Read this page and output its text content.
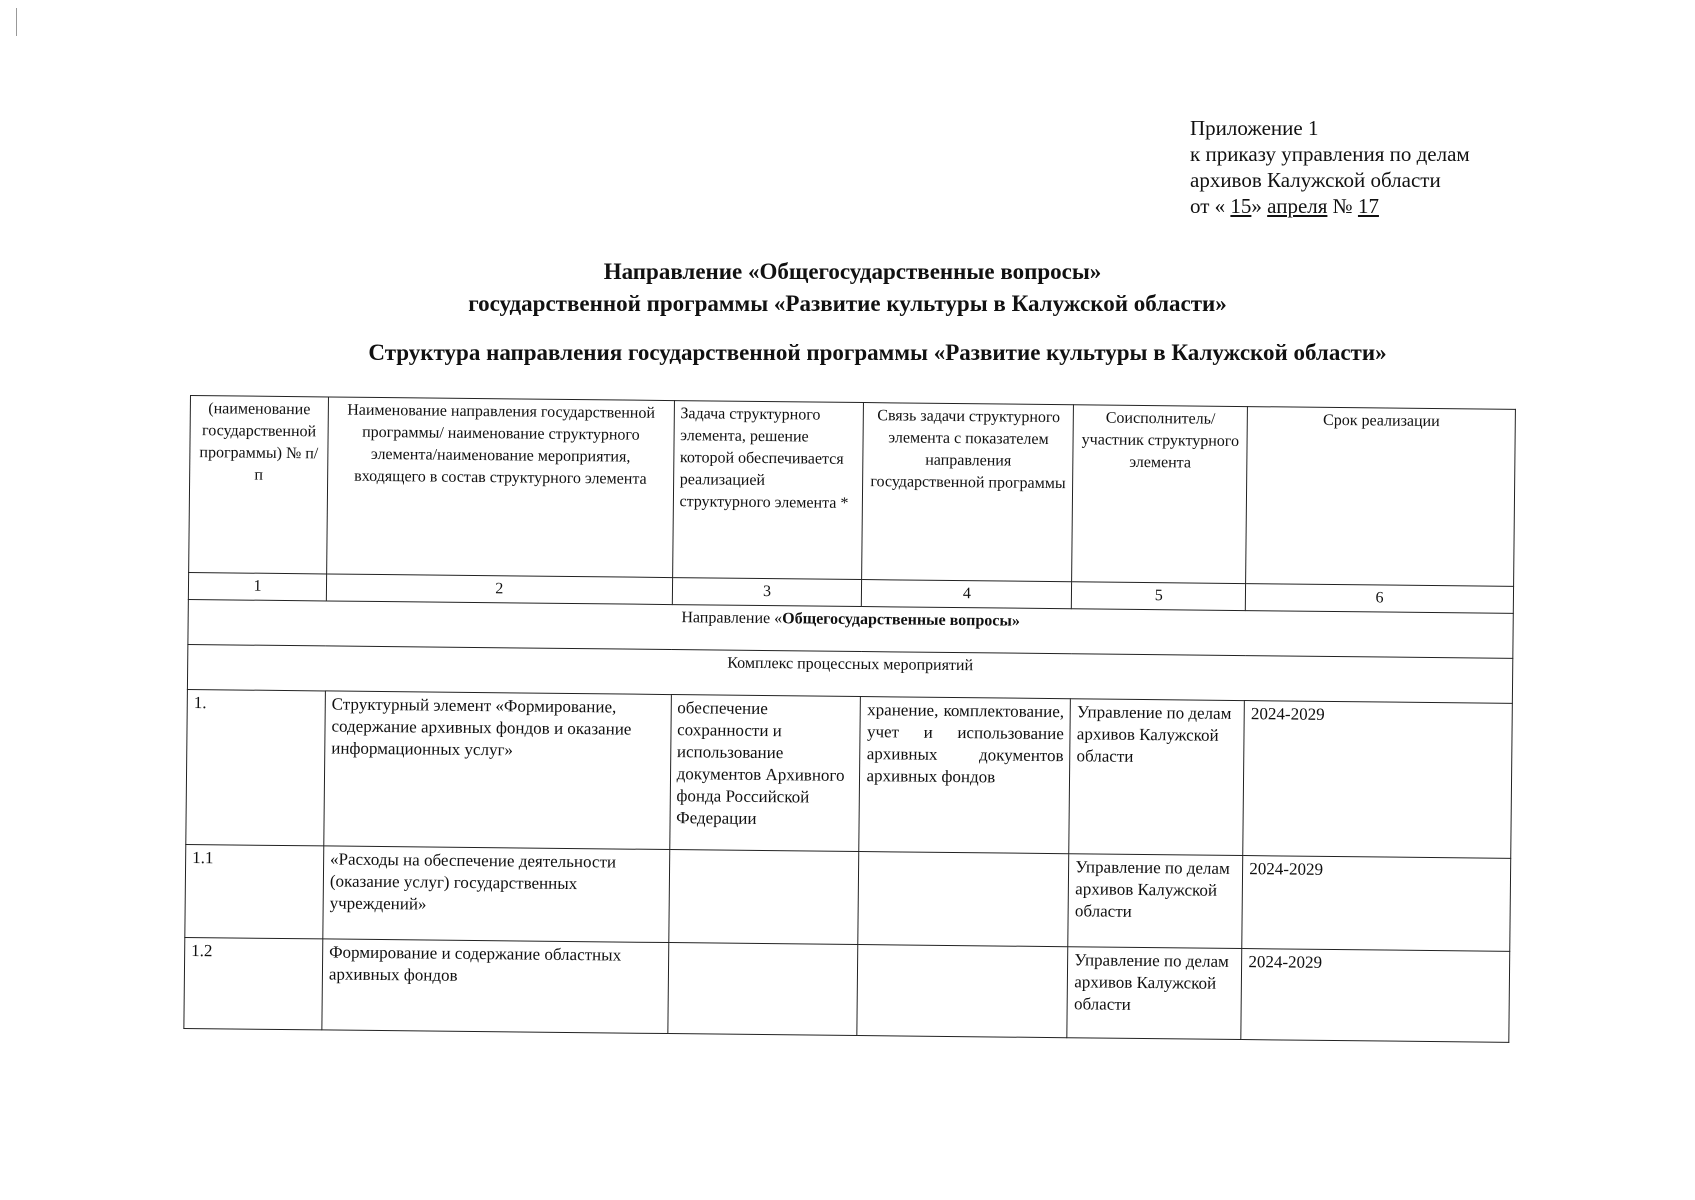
Приложение 1
к приказу управления по делам
архивов Калужской области
от « 15» апреля № 17
Направление «Общегосударственные вопросы»
государственной программы «Развитие культуры в Калужской области»
Структура направления государственной программы «Развитие культуры в Калужской области»
(наименование государственной программы) № п/п	Наименование направления государственной программы/ наименование структурного элемента/наименование мероприятия, входящего в состав структурного элемента	Задача структурного элемента, решение которой обеспечивается реализацией структурного элемента *	Связь задачи структурного элемента с показателем направления государственной программы	Соисполнитель/ участник структурного элемента	Срок реализации
1	2	3	4	5	6
Направление «Общегосударственные вопросы»					
Комплекс процессных мероприятий					
1.	Структурный элемент «Формирование, содержание архивных фондов и оказание информационных услуг»	обеспечение сохранности и использование документов Архивного фонда Российской Федерации	хранение, комплектование, учет и использование архивных документов архивных фондов	Управление по делам архивов Калужской области	2024-2029
1.1	«Расходы на обеспечение деятельности (оказание услуг) государственных учреждений»			Управление по делам архивов Калужской области	2024-2029
1.2	Формирование и содержание областных архивных фондов			Управление по делам архивов Калужской области	2024-2029
